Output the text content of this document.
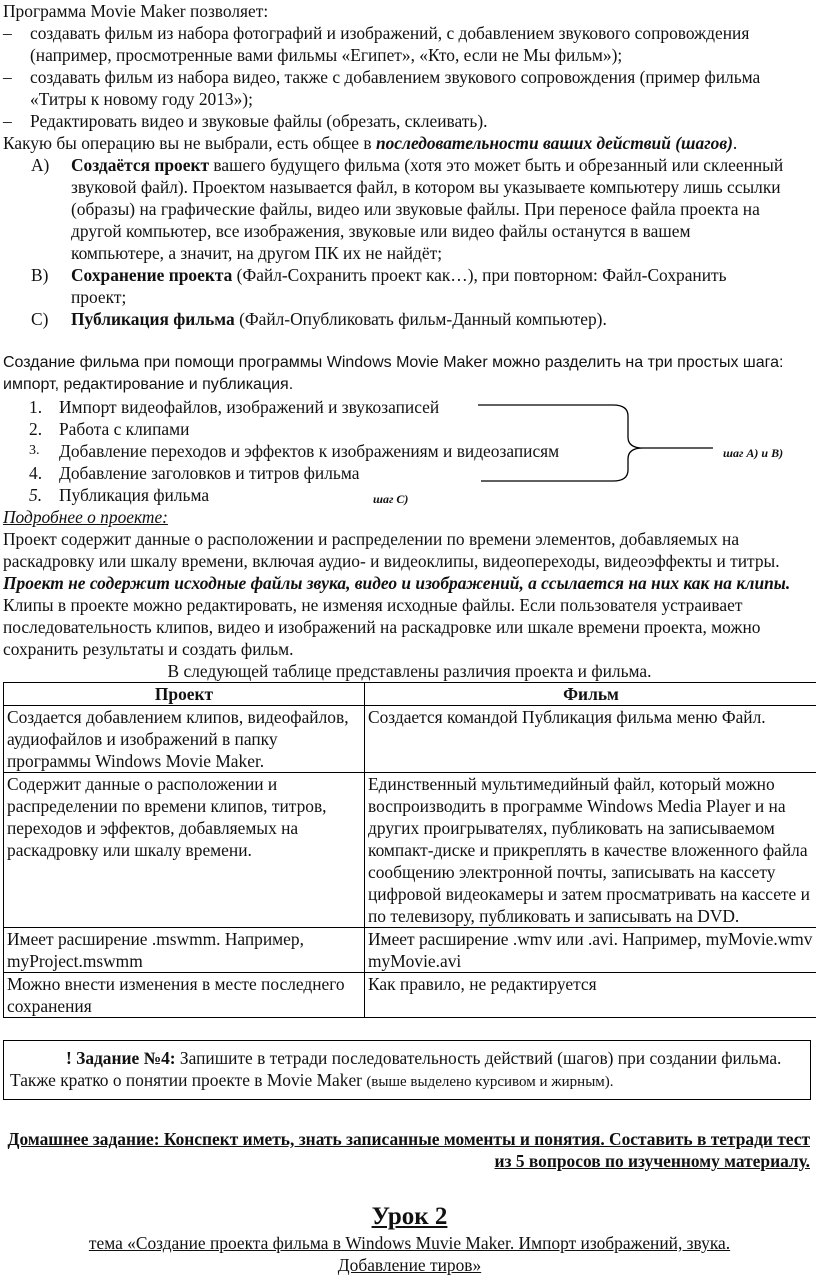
Программа Movie Maker позволяет:

–	создавать фильм из набора фотографий и изображений, с добавлением звукового сопровождения (например, просмотренные вами фильмы «Египет», «Кто, если не Мы фильм»);
–	создавать фильм из набора видео, также с добавлением звукового сопровождения (пример фильма «Титры к новому году 2013»);
–	Редактировать видео и звуковые файлы (обрезать, склеивать).

Какую бы операцию вы не выбрали, есть общее в последовательности ваших действий (шагов).

A)	Создаётся проект вашего будущего фильма (хотя это может быть и обрезанный или склеенный звуковой файл). Проектом называется файл, в котором вы указываете компьютеру лишь ссылки (образы) на графические файлы, видео или звуковые файлы. При переносе файла проекта на другой компьютер, все изображения, звуковые или видео файлы останутся в вашем компьютере, а значит, на другом ПК их не найдёт;
B)	Сохранение проекта (Файл-Сохранить проект как…), при повторном: Файл-Сохранить проект;
C)	Публикация фильма (Файл-Опубликовать фильм-Данный компьютер).

Создание фильма при помощи программы Windows Movie Maker можно разделить на три простых шага: импорт, редактирование и публикация.

1. Импорт видеофайлов, изображений и звукозаписей
2. Работа с клипами
3.	Добавление переходов и эффектов к изображениям и видеозаписям
4. Добавление заголовков и титров фильма
5. Публикация фильма
шаг A) и B)
шаг C)

Подробнее о проекте:

Проект содержит данные о расположении и распределении по времени элементов, добавляемых на раскадровку или шкалу времени, включая аудио- и видеоклипы, видеопереходы, видеоэффекты и титры. Проект не содержит исходные файлы звука, видео и изображений, а ссылается на них как на клипы. Клипы в проекте можно редактировать, не изменяя исходные файлы. Если пользователя устраивает последовательность клипов, видео и изображений на раскадровке или шкале времени проекта, можно сохранить результаты и создать фильм.

В следующей таблице представлены различия проекта и фильма.

Проект	Фильм
Создается добавлением клипов, видеофайлов, аудиофайлов и изображений в папку программы Windows Movie Maker.	Создается командой Публикация фильма меню Файл.
Содержит данные о расположении и распределении по времени клипов, титров, переходов и эффектов, добавляемых на раскадровку или шкалу времени.	Единственный мультимедийный файл, который можно воспроизводить в программе Windows Media Player и на других проигрывателях, публиковать на записываемом компакт-диске и прикреплять в качестве вложенного файла сообщению электронной почты, записывать на кассету цифровой видеокамеры и затем просматривать на кассете и по телевизору, публиковать и записывать на DVD.
Имеет расширение .mswmm. Например, myProject.mswmm	Имеет расширение .wmv или .avi. Например, myMovie.wmv myMovie.avi
Можно внести изменения в месте последнего сохранения	Как правило, не редактируется
! Задание №4: Запишите в тетради последовательность действий (шагов) при создании фильма. Также кратко о понятии проекте в Movie Maker (выше выделено курсивом и жирным).

Домашнее задание: Конспект иметь, знать записанные моменты и понятия. Составить в тетради тест из 5 вопросов по изученному материалу.

Урок 2

тема «Создание проекта фильма в Windows Muvie Maker. Импорт изображений, звука. Добавление тиров»
